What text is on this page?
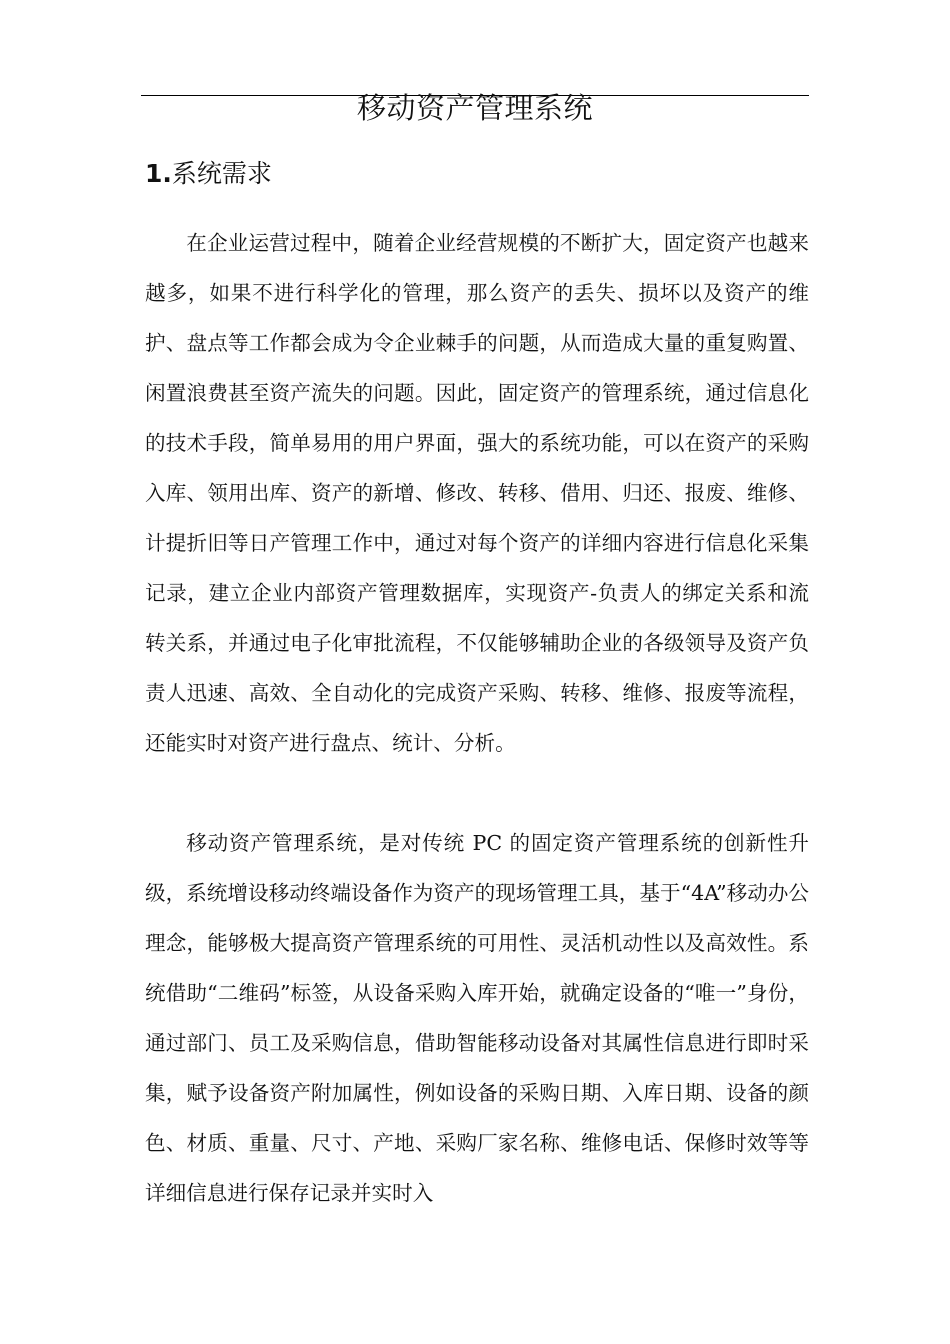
移动资产管理系统
1.系统需求

在企业运营过程中，随着企业经营规模的不断扩大，固定资产也越来越多，如果不进行科学化的管理，那么资产的丢失、损坏以及资产的维护、盘点等工作都会成为令企业棘手的问题，从而造成大量的重复购置、闲置浪费甚至资产流失的问题。因此，固定资产的管理系统，通过信息化的技术手段，简单易用的用户界面，强大的系统功能，可以在资产的采购入库、领用出库、资产的新增、修改、转移、借用、归还、报废、维修、计提折旧等日产管理工作中，通过对每个资产的详细内容进行信息化采集记录，建立企业内部资产管理数据库，实现资产-负责人的绑定关系和流转关系，并通过电子化审批流程，不仅能够辅助企业的各级领导及资产负责人迅速、高效、全自动化的完成资产采购、转移、维修、报废等流程，还能实时对资产进行盘点、统计、分析。

移动资产管理系统，是对传统 PC 的固定资产管理系统的创新性升级，系统增设移动终端设备作为资产的现场管理工具，基于“4A”移动办公理念，能够极大提高资产管理系统的可用性、灵活机动性以及高效性。系统借助“二维码”标签，从设备采购入库开始，就确定设备的“唯一”身份，通过部门、员工及采购信息，借助智能移动设备对其属性信息进行即时采集，赋予设备资产附加属性，例如设备的采购日期、入库日期、设备的颜色、材质、重量、尺寸、产地、采购厂家名称、维修电话、保修时效等等详细信息进行保存记录并实时入
